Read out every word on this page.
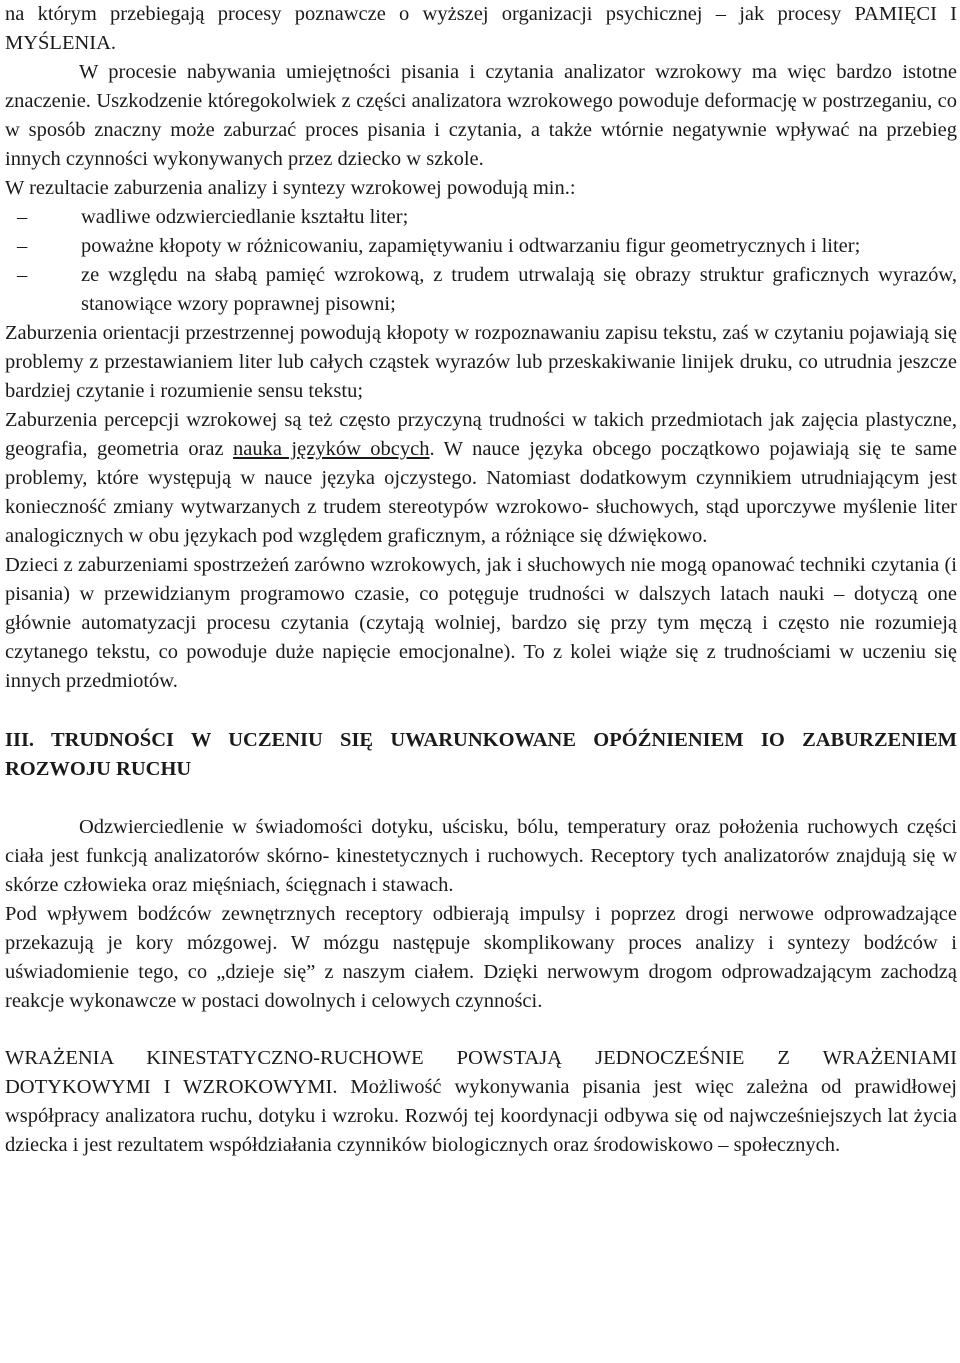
na którym przebiegają procesy poznawcze o wyższej organizacji psychicznej – jak procesy PAMIĘCI I MYŚLENIA.

W procesie nabywania umiejętności pisania i czytania analizator wzrokowy ma więc bardzo istotne znaczenie. Uszkodzenie któregokolwiek z części analizatora wzrokowego powoduje deformację w postrzeganiu, co w sposób znaczny może zaburzać proces pisania i czytania, a także wtórnie negatywnie wpływać na przebieg innych czynności wykonywanych przez dziecko w szkole.

W rezultacie zaburzenia analizy i syntezy wzrokowej powodują min.:

–	wadliwe odzwierciedlanie kształtu liter;
–	poważne kłopoty w różnicowaniu, zapamiętywaniu i odtwarzaniu figur geometrycznych i liter;
–	ze względu na słabą pamięć wzrokową, z trudem utrwalają się obrazy struktur graficznych wyrazów, stanowiące wzory poprawnej pisowni;

Zaburzenia orientacji przestrzennej powodują kłopoty w rozpoznawaniu zapisu tekstu, zaś w czytaniu pojawiają się problemy z przestawianiem liter lub całych cząstek wyrazów lub przeskakiwanie linijek druku, co utrudnia jeszcze bardziej czytanie i rozumienie sensu tekstu;

Zaburzenia percepcji wzrokowej są też często przyczyną trudności w takich przedmiotach jak zajęcia plastyczne, geografia, geometria oraz nauka języków obcych. W nauce języka obcego początkowo pojawiają się te same problemy, które występują w nauce języka ojczystego. Natomiast dodatkowym czynnikiem utrudniającym jest konieczność zmiany wytwarzanych z trudem stereotypów wzrokowo- słuchowych, stąd uporczywe myślenie liter analogicznych w obu językach pod względem graficznym, a różniące się dźwiękowo.

Dzieci z zaburzeniami spostrzeżeń zarówno wzrokowych, jak i słuchowych nie mogą opanować techniki czytania (i pisania) w przewidzianym programowo czasie, co potęguje trudności w dalszych latach nauki – dotyczą one głównie automatyzacji procesu czytania (czytają wolniej, bardzo się przy tym męczą i często nie rozumieją czytanego tekstu, co powoduje duże napięcie emocjonalne). To z kolei wiąże się z trudnościami w uczeniu się innych przedmiotów.

III. TRUDNOŚCI W UCZENIU SIĘ UWARUNKOWANE OPÓŹNIENIEM IO ZABURZENIEM ROZWOJU RUCHU

Odzwierciedlenie w świadomości dotyku, uścisku, bólu, temperatury oraz położenia ruchowych części ciała jest funkcją analizatorów skórno- kinestetycznych i ruchowych. Receptory tych analizatorów znajdują się w skórze człowieka oraz mięśniach, ścięgnach i stawach.

Pod wpływem bodźców zewnętrznych receptory odbierają impulsy i poprzez drogi nerwowe odprowadzające przekazują je kory mózgowej. W mózgu następuje skomplikowany proces analizy i syntezy bodźców i uświadomienie tego, co „dzieje się” z naszym ciałem. Dzięki nerwowym drogom odprowadzającym zachodzą reakcje wykonawcze w postaci dowolnych i celowych czynności.

WRAŻENIA KINESTATYCZNO-RUCHOWE POWSTAJĄ JEDNOCZEŚNIE Z WRAŻENIAMI DOTYKOWYMI I WZROKOWYMI. Możliwość wykonywania pisania jest więc zależna od prawidłowej współpracy analizatora ruchu, dotyku i wzroku. Rozwój tej koordynacji odbywa się od najwcześniejszych lat życia dziecka i jest rezultatem współdziałania czynników biologicznych oraz środowiskowo – społecznych.
